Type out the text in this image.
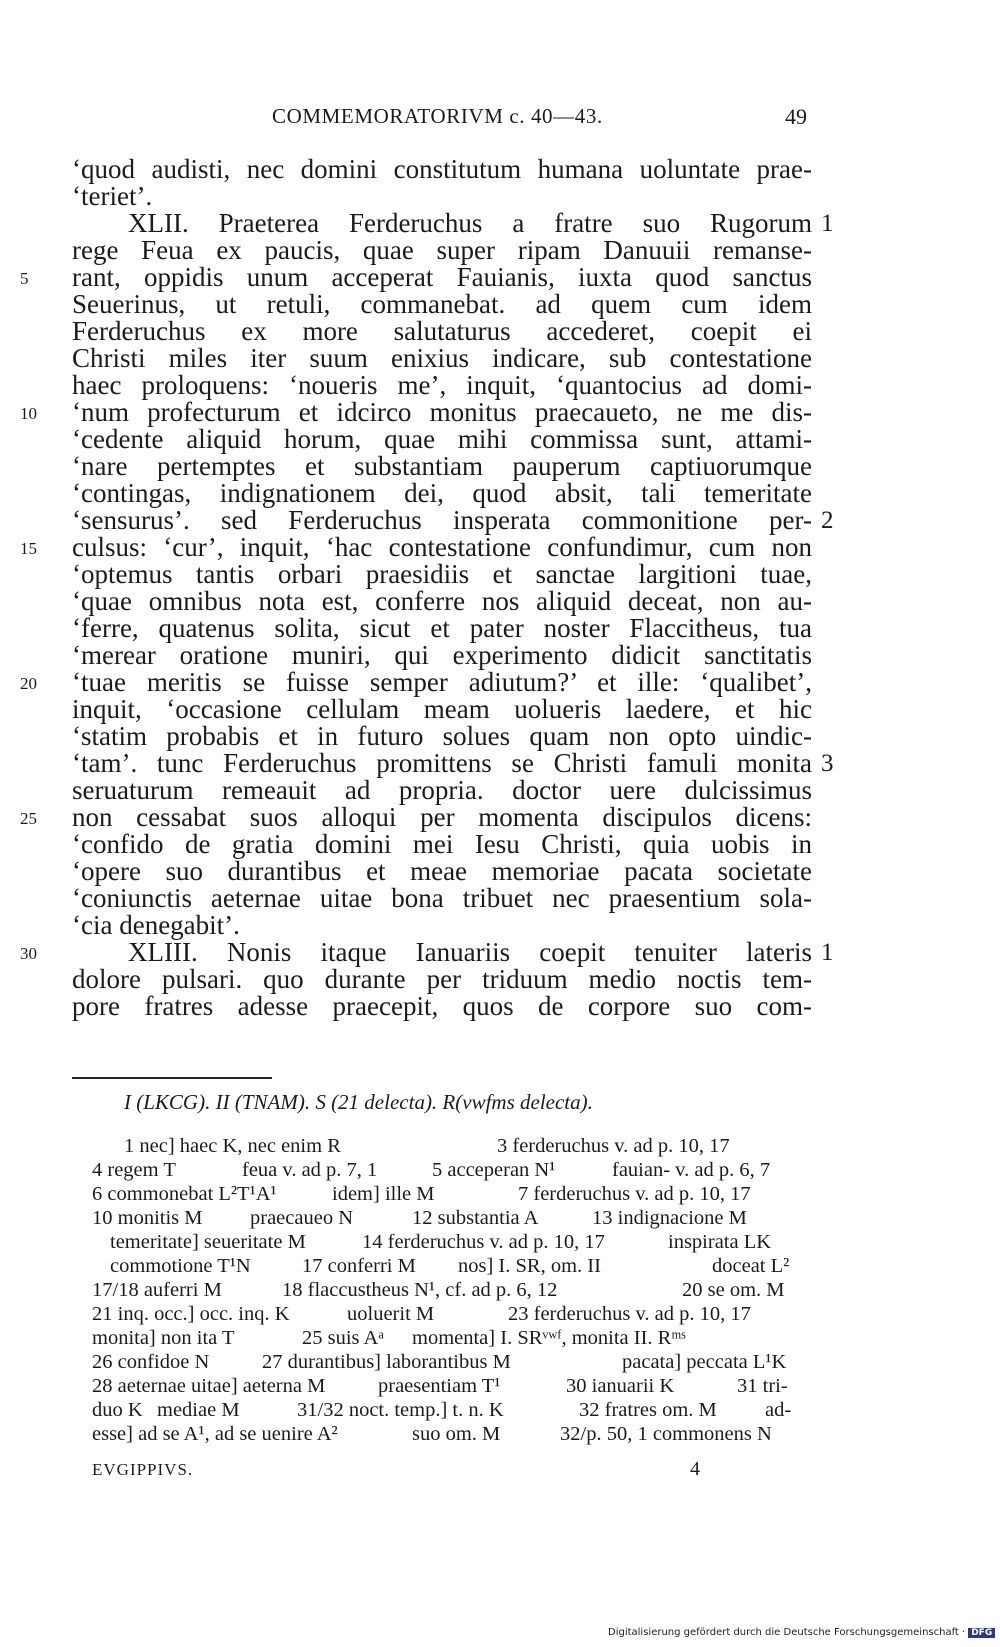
COMMEMORATORIVM c. 40—43.	49
‘quod audisti, nec domini constitutum humana uoluntate prae-
‘teriet’.
XLII. Praeterea Ferderuchus a fratre suo Rugorum
rege Feua ex paucis, quae super ripam Danuuii remanse-
rant, oppidis unum acceperat Fauianis, iuxta quod sanctus
Seuerinus, ut retuli, commanebat. ad quem cum idem
Ferderuchus ex more salutaturus accederet, coepit ei
Christi miles iter suum enixius indicare, sub contestatione
haec proloquens: ‘noueris me’, inquit, ‘quantocius ad domi-
‘num profecturum et idcirco monitus praecaueto, ne me dis-
‘cedente aliquid horum, quae mihi commissa sunt, attami-
‘nare pertemptes et substantiam pauperum captiuorumque
‘contingas, indignationem dei, quod absit, tali temeritate
‘sensurus’. sed Ferderuchus insperata commonitione per-
culsus: ‘cur’, inquit, ‘hac contestatione confundimur, cum non
‘optemus tantis orbari praesidiis et sanctae largitioni tuae,
‘quae omnibus nota est, conferre nos aliquid deceat, non au-
‘ferre, quatenus solita, sicut et pater noster Flaccitheus, tua
‘merear oratione muniri, qui experimento didicit sanctitatis
‘tuae meritis se fuisse semper adiutum?’ et ille: ‘qualibet’,
inquit, ‘occasione cellulam meam uolueris laedere, et hic
‘statim probabis et in futuro solues quam non opto uindic-
‘tam’. tunc Ferderuchus promittens se Christi famuli monita
seruaturum remeauit ad propria. doctor uere dulcissimus
non cessabat suos alloqui per momenta discipulos dicens:
‘confido de gratia domini mei Iesu Christi, quia uobis in
‘opere suo durantibus et meae memoriae pacata societate
‘coniunctis aeternae uitae bona tribuet nec praesentium sola-
‘cia denegabit’.
XLIII. Nonis itaque Ianuariis coepit tenuiter lateris
dolore pulsari. quo durante per triduum medio noctis tem-
pore fratres adesse praecepit, quos de corpore suo com-
5
10
15
20
25
30
1
2
3
1
I (LKCG). II (TNAM). S (21 delecta). R(vwfms delecta).
1 nec] haec K, nec enim R	3 ferderuchus v. ad p. 10, 17
4 regem T	feua v. ad p. 7, 1	5 acceperan N¹	fauian- v. ad p. 6, 7
6 commonebat L²T¹A¹	idem] ille M	7 ferderuchus v. ad p. 10, 17
10 monitis M praecaueo N	12 substantia A	13 indignacione M
temeritate] seueritate M	14 ferderuchus v. ad p. 10, 17	inspirata LK
commotione T¹N	17 conferri M nos] I. SR, om. II	doceat L²
17/18 auferri M	18 flaccustheus N¹, cf. ad p. 6, 12	20 se om. M
21 inq. occ.] occ. inq. K	uoluerit M	23 ferderuchus v. ad p. 10, 17
monita] non ita T	25 suis Aᵃ momenta] I. SRᵛʷᶠ, monita II. Rᵐˢ
26 confidoe N	27 durantibus] laborantibus M	pacata] peccata L¹K
28 aeternae uitae] aeterna M	praesentiam T¹	30 ianuarii K	31 tri-
duo K mediae M	31/32 noct. temp.] t. n. K	32 fratres om. M ad-
esse] ad se A¹, ad se uenire A²	suo om. M	32/p. 50, 1 commonens N
EVGIPPIVS.	4
Digitalisierung gefördert durch die Deutsche Forschungsgemeinschaft · DFG
